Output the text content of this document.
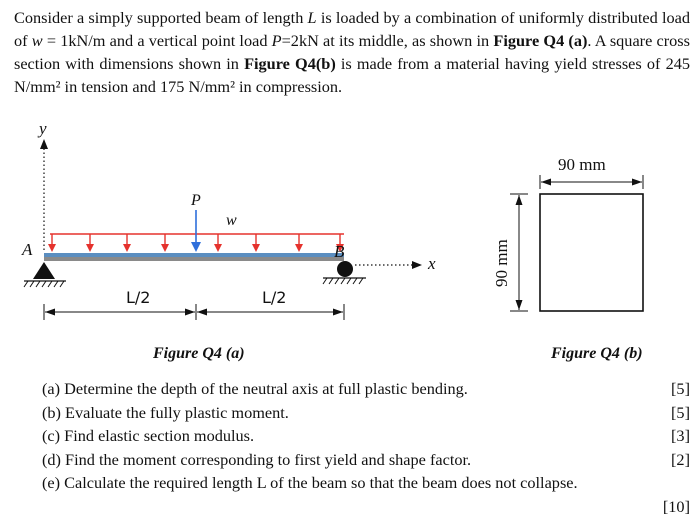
Consider a simply supported beam of length L is loaded by a combination of uniformly distributed load of w = 1kN/m and a vertical point load P=2kN at its middle, as shown in Figure Q4 (a). A square cross section with dimensions shown in Figure Q4(b) is made from a material having yield stresses of 245 N/mm² in tension and 175 N/mm² in compression.
y
w
P
A	B
x
L/2	L/2
90 mm
90 mm
Figure Q4 (a)	Figure Q4 (b)
(a) Determine the depth of the neutral axis at full plastic bending.	[5]
(b) Evaluate the fully plastic moment.	[5]
(c) Find elastic section modulus.	[3]
(d) Find the moment corresponding to first yield and shape factor.	[2]
(e) Calculate the required length L of the beam so that the beam does not collapse.
[10]
